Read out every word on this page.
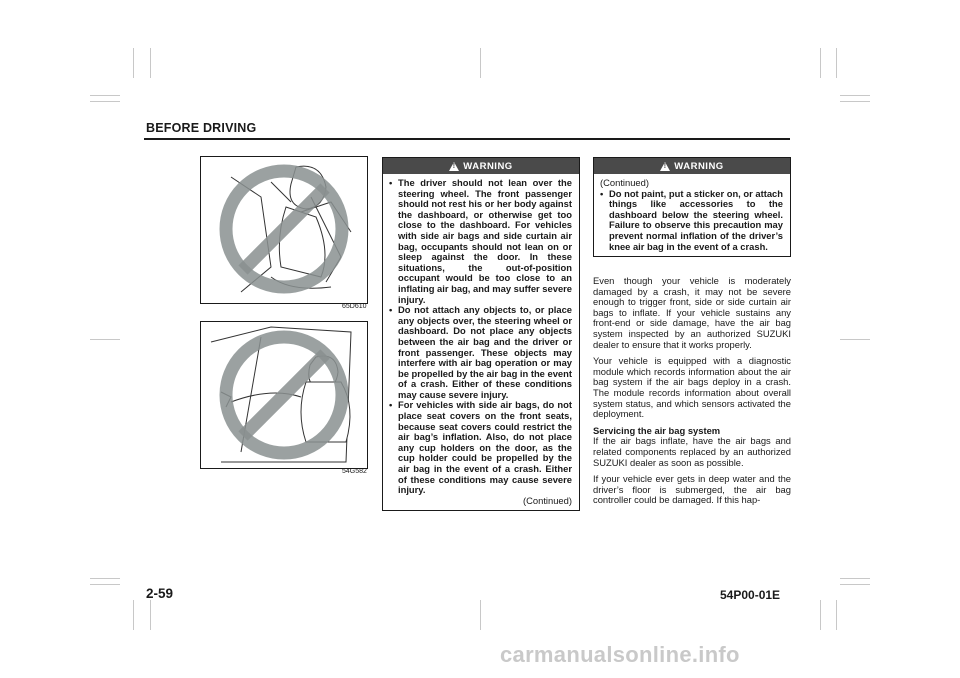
BEFORE DRIVING
65D610
54G582
! WARNING
• The driver should not lean over the steering wheel. The front passenger should not rest his or her body against the dashboard, or otherwise get too close to the dashboard. For vehicles with side air bags and side curtain air bag, occupants should not lean on or sleep against the door. In these situations, the out-of-position occupant would be too close to an inflating air bag, and may suffer severe injury.
• Do not attach any objects to, or place any objects over, the steering wheel or dashboard. Do not place any objects between the air bag and the driver or front passenger. These objects may interfere with air bag operation or may be propelled by the air bag in the event of a crash. Either of these conditions may cause severe injury.
• For vehicles with side air bags, do not place seat covers on the front seats, because seat covers could restrict the air bag’s inflation. Also, do not place any cup holders on the door, as the cup holder could be propelled by the air bag in the event of a crash. Either of these conditions may cause severe injury.
(Continued)
! WARNING
(Continued)
• Do not paint, put a sticker on, or attach things like accessories to the dashboard below the steering wheel. Failure to observe this precaution may prevent normal inflation of the driver’s knee air bag in the event of a crash.

Even though your vehicle is moderately damaged by a crash, it may not be severe enough to trigger front, side or side curtain air bags to inflate. If your vehicle sustains any front-end or side damage, have the air bag system inspected by an authorized SUZUKI dealer to ensure that it works properly.

Your vehicle is equipped with a diagnostic module which records information about the air bag system if the air bags deploy in a crash. The module records information about overall system status, and which sensors activated the deployment.

Servicing the air bag system

If the air bags inflate, have the air bags and related components replaced by an authorized SUZUKI dealer as soon as possible.

If your vehicle ever gets in deep water and the driver’s floor is submerged, the air bag controller could be damaged. If this hap-

2-59	54P00-01E
carmanualsonline.info
